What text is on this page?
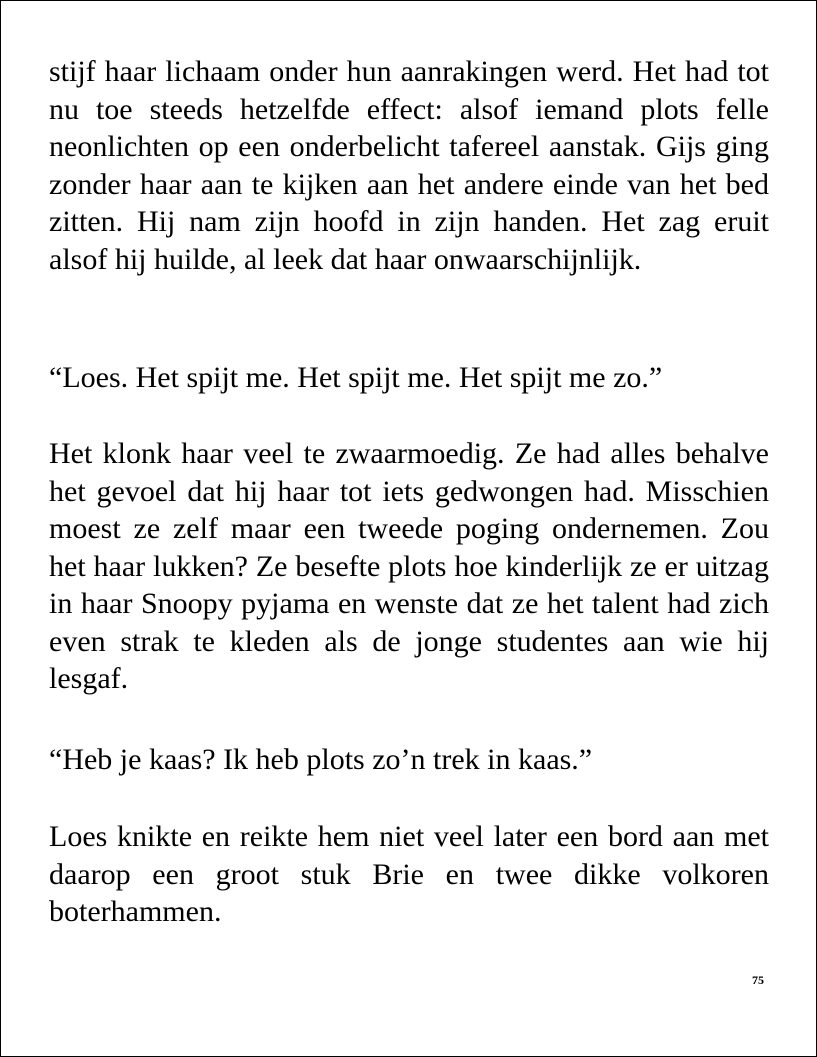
stijf haar lichaam onder hun aanrakingen werd. Het had tot nu toe steeds hetzelfde effect: alsof iemand plots felle neonlichten op een onderbelicht tafereel aanstak. Gijs ging zonder haar aan te kijken aan het andere einde van het bed zitten. Hij nam zijn hoofd in zijn handen. Het zag eruit alsof hij huilde, al leek dat haar onwaarschijnlijk.

“Loes. Het spijt me. Het spijt me. Het spijt me zo.”

Het klonk haar veel te zwaarmoedig. Ze had alles behalve het gevoel dat hij haar tot iets gedwongen had. Misschien moest ze zelf maar een tweede poging ondernemen. Zou het haar lukken? Ze besefte plots hoe kinderlijk ze er uitzag in haar Snoopy pyjama en wenste dat ze het talent had zich even strak te kleden als de jonge studentes aan wie hij lesgaf.

“Heb je kaas? Ik heb plots zo’n trek in kaas.”

Loes knikte en reikte hem niet veel later een bord aan met daarop een groot stuk Brie en twee dikke volkoren boterhammen.

75
